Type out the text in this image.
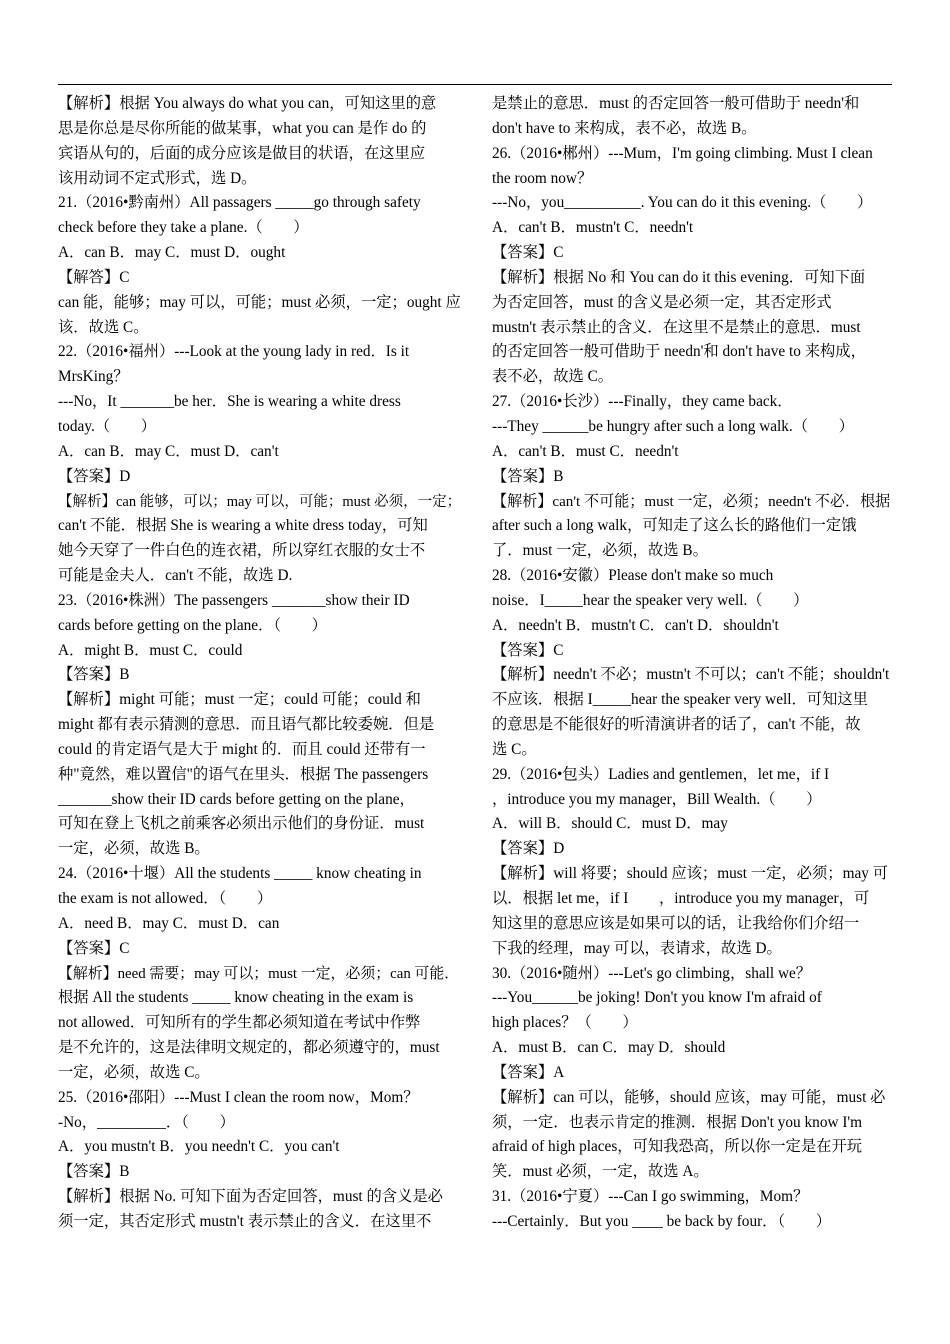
【解析】根据 You always do what you can，可知这里的意

思是你总是尽你所能的做某事，what you can 是作 do 的

宾语从句的，后面的成分应该是做目的状语，在这里应

该用动词不定式形式，选 D。

21.（2016•黔南州）All passagers _____go through safety

check before they take a plane.（　　）

A．can B．may C．must D．ought

【解答】C

can 能，能够；may 可以，可能；must 必须，一定；ought 应

该．故选 C。

22.（2016•福州）---Look at the young lady in red．Is it

MrsKing？

---No，It _______be her．She is wearing a white dress

today.（　　）

A．can B．may C．must D．can't

【答案】D

【解析】can 能够，可以；may 可以，可能；must 必须，一定；

can't 不能．根据 She is wearing a white dress today，可知

她今天穿了一件白色的连衣裙，所以穿红衣服的女士不

可能是金夫人．can't 不能，故选 D.

23.（2016•株洲）The passengers _______show their ID

cards before getting on the plane．（　　）

A．might B．must C．could

【答案】B

【解析】might 可能；must 一定；could 可能；could 和

might 都有表示猜测的意思．而且语气都比较委婉．但是

could 的肯定语气是大于 might 的．而且 could 还带有一

种"竟然，难以置信"的语气在里头．根据 The passengers

_______show their ID cards before getting on the plane，

可知在登上飞机之前乘客必须出示他们的身份证．must

一定，必须，故选 B。

24.（2016•十堰）All the students _____ know cheating in

the exam is not allowed．（　　）

A．need B．may C．must D．can

【答案】C

【解析】need 需要；may 可以；must 一定，必须；can 可能．

根据 All the students _____ know cheating in the exam is

not allowed．可知所有的学生都必须知道在考试中作弊

是不允许的，这是法律明文规定的，都必须遵守的，must

一定，必须，故选 C。

25.（2016•邵阳）---Must I clean the room now，Mom？

-No，_________．（　　）

A．you mustn't B．you needn't C．you can't

【答案】B

【解析】根据 No. 可知下面为否定回答，must 的含义是必

须一定，其否定形式 mustn't 表示禁止的含义．在这里不

是禁止的意思．must 的否定回答一般可借助于 needn'和

don't have to 来构成，表不必，故选 B。

26.（2016•郴州）---Mum，I'm going climbing. Must I clean

the room now？

---No，you__________. You can do it this evening.（　　）

A．can't B．mustn't C．needn't

【答案】C

【解析】根据 No 和 You can do it this evening．可知下面

为否定回答，must 的含义是必须一定，其否定形式

mustn't 表示禁止的含义．在这里不是禁止的意思．must

的否定回答一般可借助于 needn'和 don't have to 来构成，

表不必，故选 C。

27.（2016•长沙）---Finally，they came back．

---They ______be hungry after such a long walk.（　　）

A．can't B．must C．needn't

【答案】B

【解析】can't 不可能；must 一定，必须；needn't 不必．根据

after such a long walk，可知走了这么长的路他们一定饿

了．must 一定，必须，故选 B。

28.（2016•安徽）Please don't make so much

noise．I_____hear the speaker very well.（　　）

A．needn't B．mustn't C．can't D．shouldn't

【答案】C

【解析】needn't 不必；mustn't 不可以；can't 不能；shouldn't

不应该．根据 I_____hear the speaker very well．可知这里

的意思是不能很好的听清演讲者的话了，can't 不能，故

选 C。

29.（2016•包头）Ladies and gentlemen，let me，if I

，introduce you my manager，Bill Wealth.（　　）

A．will B．should C．must D．may

【答案】D

【解析】will 将要；should 应该；must 一定，必须；may 可

以．根据 let me，if I　　，introduce you my manager，可

知这里的意思应该是如果可以的话，让我给你们介绍一

下我的经理，may 可以，表请求，故选 D。

30.（2016•随州）---Let's go climbing，shall we？

---You______be joking! Don't you know I'm afraid of

high places？（　　）

A．must B．can C．may D．should

【答案】A

【解析】can 可以，能够，should 应该，may 可能，must 必

须，一定．也表示肯定的推测．根据 Don't you know I'm

afraid of high places，可知我恐高，所以你一定是在开玩

笑．must 必须，一定，故选 A。

31.（2016•宁夏）---Can I go swimming，Mom？

---Certainly．But you ____ be back by four．（　　）
